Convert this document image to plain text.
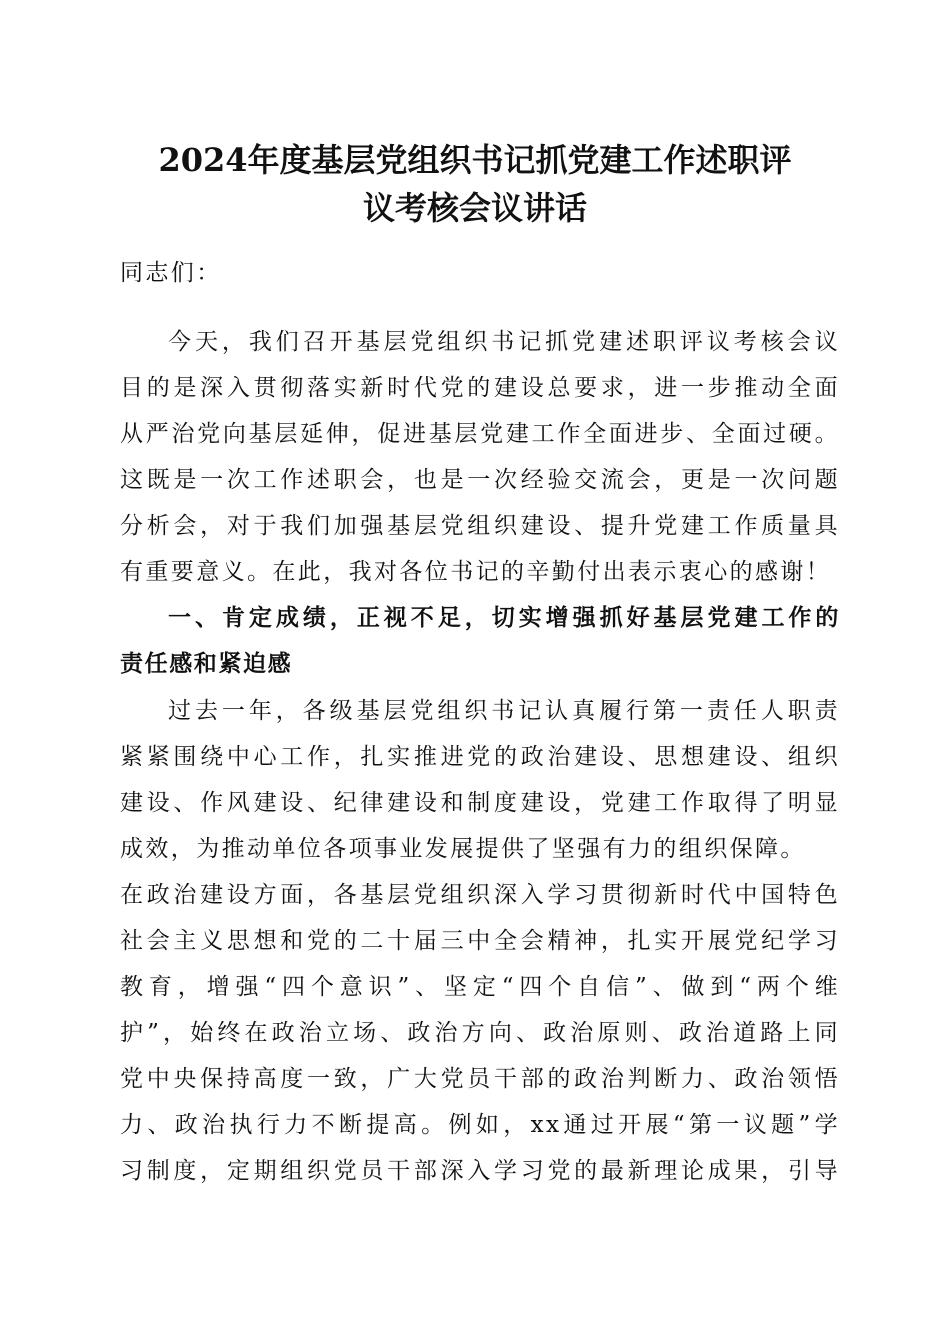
2024年度基层党组织书记抓党建工作述职评
议考核会议讲话

同志们：

今天，我们召开基层党组织书记抓党建述职评议考核会议

目的是深入贯彻落实新时代党的建设总要求，进一步推动全面

从严治党向基层延伸，促进基层党建工作全面进步、全面过硬。

这既是一次工作述职会，也是一次经验交流会，更是一次问题

分析会，对于我们加强基层党组织建设、提升党建工作质量具

有重要意义。在此，我对各位书记的辛勤付出表示衷心的感谢！

一、肯定成绩，正视不足，切实增强抓好基层党建工作的

责任感和紧迫感

过去一年，各级基层党组织书记认真履行第一责任人职责

紧紧围绕中心工作，扎实推进党的政治建设、思想建设、组织

建设、作风建设、纪律建设和制度建设，党建工作取得了明显

成效，为推动单位各项事业发展提供了坚强有力的组织保障。

在政治建设方面，各基层党组织深入学习贯彻新时代中国特色

社会主义思想和党的二十届三中全会精神，扎实开展党纪学习

教育，增强“四个意识”、坚定“四个自信”、做到“两个维

护”，始终在政治立场、政治方向、政治原则、政治道路上同

党中央保持高度一致，广大党员干部的政治判断力、政治领悟

力、政治执行力不断提高。例如，xx通过开展“第一议题”学

习制度，定期组织党员干部深入学习党的最新理论成果，引导
